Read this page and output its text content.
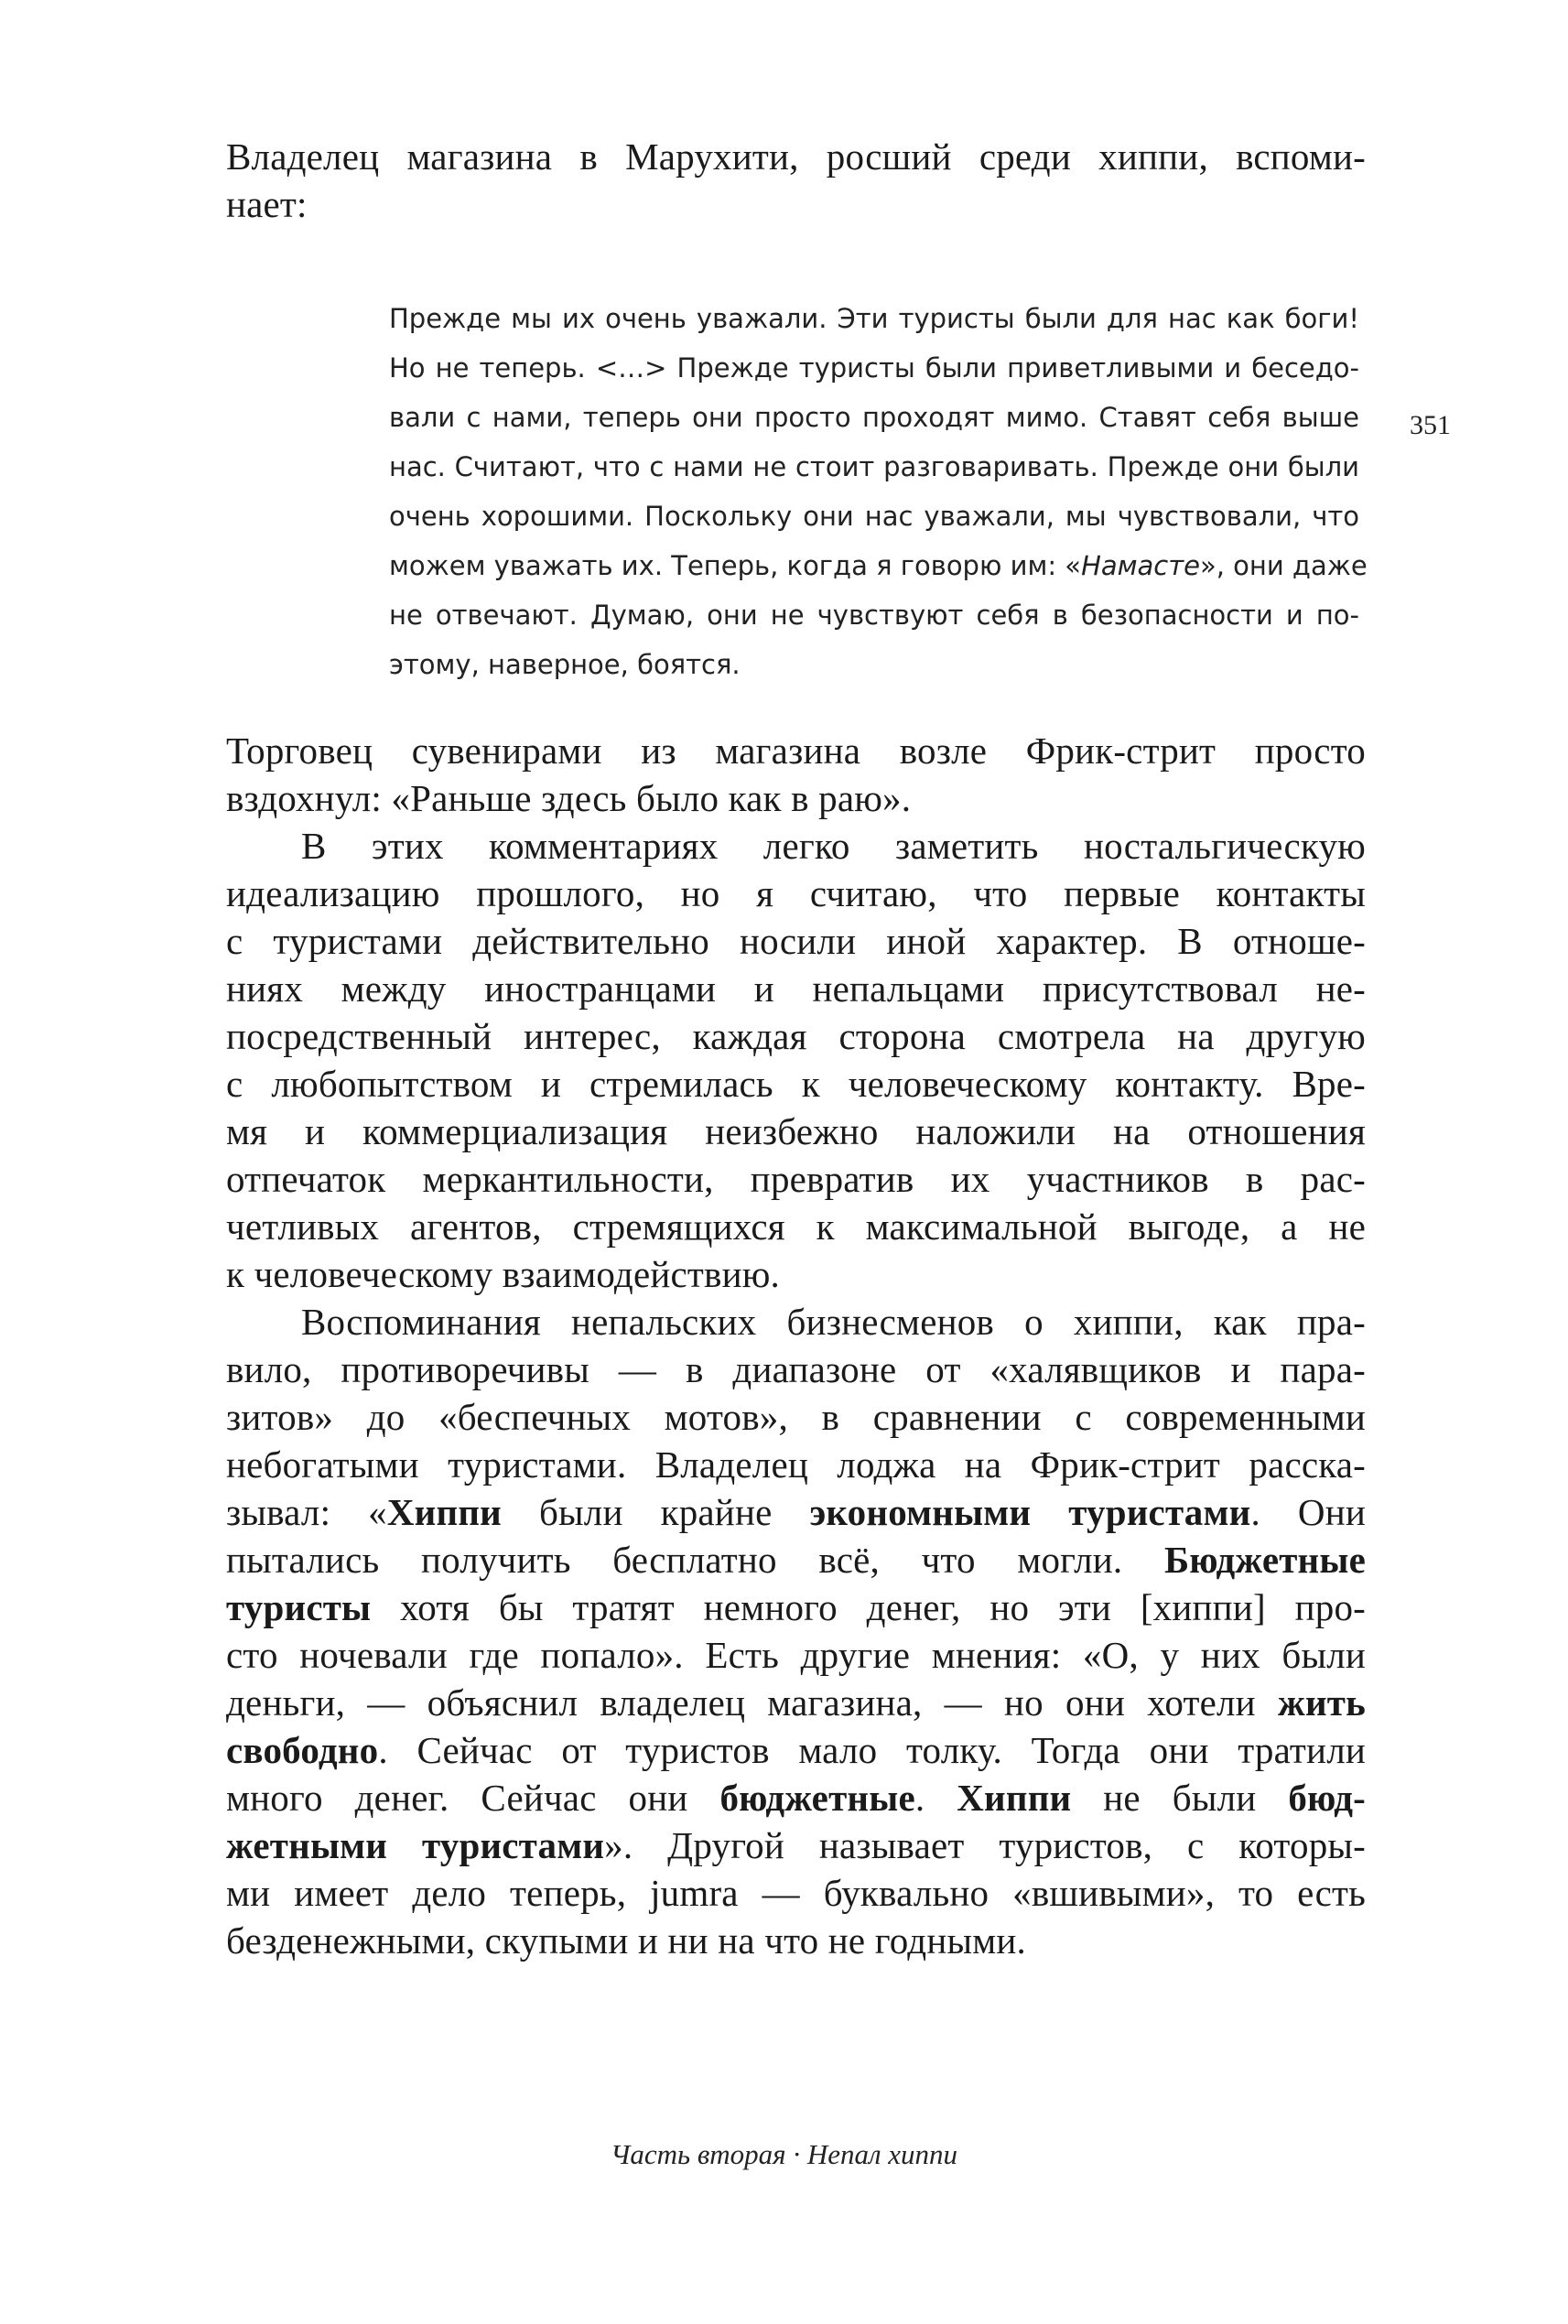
Владелец магазина в Марухити, росший среди хиппи, вспоми-
нает:
Прежде мы их очень уважали. Эти туристы были для нас как боги!
Но не теперь. <…> Прежде туристы были приветливыми и беседо-
вали с нами, теперь они просто проходят мимо. Ставят себя выше
нас. Считают, что с нами не стоит разговаривать. Прежде они были
очень хорошими. Поскольку они нас уважали, мы чувствовали, что
можем уважать их. Теперь, когда я говорю им: «Намасте», они даже
не отвечают. Думаю, они не чувствуют себя в безопасности и по-
этому, наверное, боятся.
351
Торговец сувенирами из магазина возле Фрик-стрит просто
вздохнул: «Раньше здесь было как в раю».
В этих комментариях легко заметить ностальгическую
идеализацию прошлого, но я считаю, что первые контакты
с туристами действительно носили иной характер. В отноше-
ниях между иностранцами и непальцами присутствовал не-
посредственный интерес, каждая сторона смотрела на другую
с любопытством и стремилась к человеческому контакту. Вре-
мя и коммерциализация неизбежно наложили на отношения
отпечаток меркантильности, превратив их участников в рас-
четливых агентов, стремящихся к максимальной выгоде, а не
к человеческому взаимодействию.
Воспоминания непальских бизнесменов о хиппи, как пра-
вило, противоречивы — в диапазоне от «халявщиков и пара-
зитов» до «беспечных мотов», в сравнении с современными
небогатыми туристами. Владелец лоджа на Фрик-стрит расска-
зывал: «Хиппи были крайне экономными туристами. Они
пытались получить бесплатно всё, что могли. Бюджетные
туристы хотя бы тратят немного денег, но эти [хиппи] про-
сто ночевали где попало». Есть другие мнения: «О, у них были
деньги, — объяснил владелец магазина, — но они хотели жить
свободно. Сейчас от туристов мало толку. Тогда они тратили
много денег. Сейчас они бюджетные. Хиппи не были бюд-
жетными туристами». Другой называет туристов, с которы-
ми имеет дело теперь, jumra — буквально «вшивыми», то есть
безденежными, скупыми и ни на что не годными.
Часть вторая · Непал хиппи
